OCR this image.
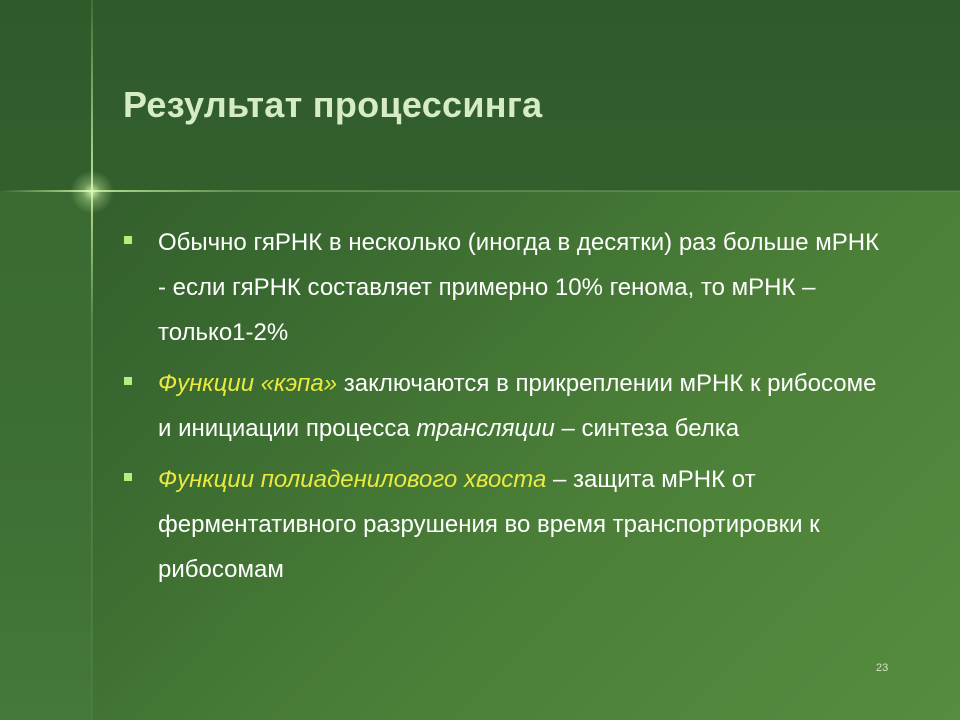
Результат процессинга
Обычно гяРНК в несколько (иногда в десятки) раз больше мРНК - если гяРНК составляет примерно 10% генома, то мРНК – только1-2%
Функции «кэпа» заключаются в прикреплении мРНК к рибосоме и инициации процесса трансляции – синтеза белка
Функции полиаденилового хвоста – защита мРНК от ферментативного разрушения во время транспортировки к рибосомам
23
